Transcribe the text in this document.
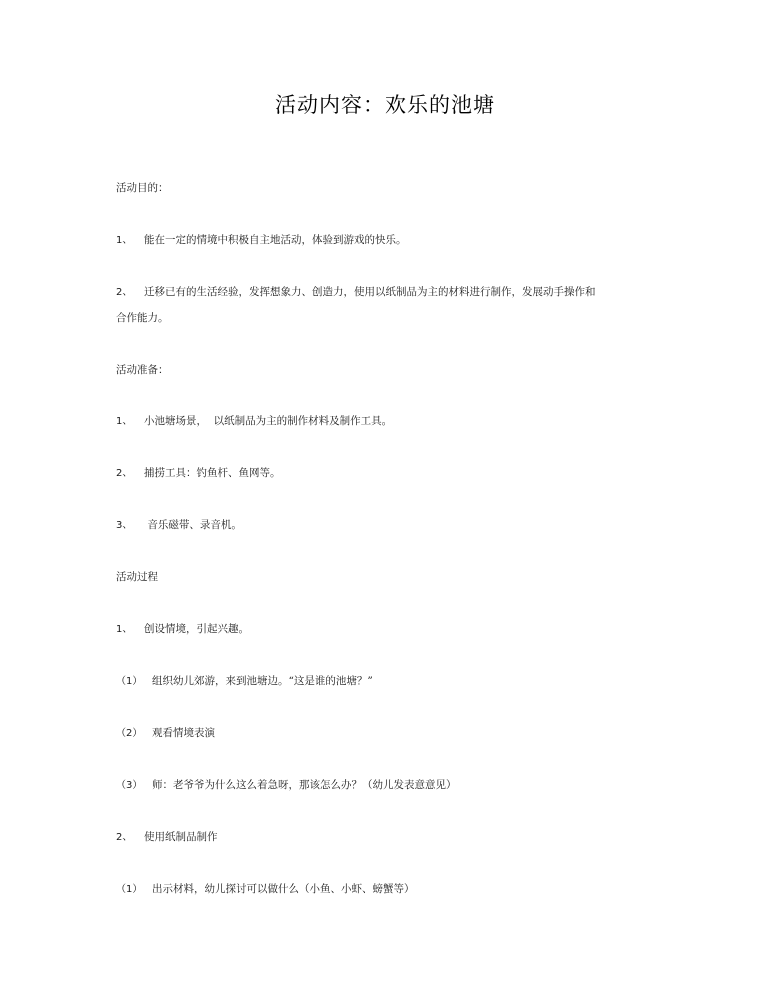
活动内容：欢乐的池塘
活动目的：
1、 能在一定的情境中积极自主地活动，体验到游戏的快乐。
2、 迁移已有的生活经验，发挥想象力、创造力，使用以纸制品为主的材料进行制作，发展动手操作和
合作能力。
活动准备：
1、 小池塘场景，  以纸制品为主的制作材料及制作工具。
2、 捕捞工具：钓鱼杆、鱼网等。
3、 音乐磁带、录音机。
活动过程
1、 创设情境，引起兴趣。
（1） 组织幼儿郊游，来到池塘边。“这是谁的池塘？”
（2） 观看情境表演
（3） 师：老爷爷为什么这么着急呀，那该怎么办？（幼儿发表意意见）
2、 使用纸制品制作
（1） 出示材料，幼儿探讨可以做什么（小鱼、小虾、螃蟹等）
